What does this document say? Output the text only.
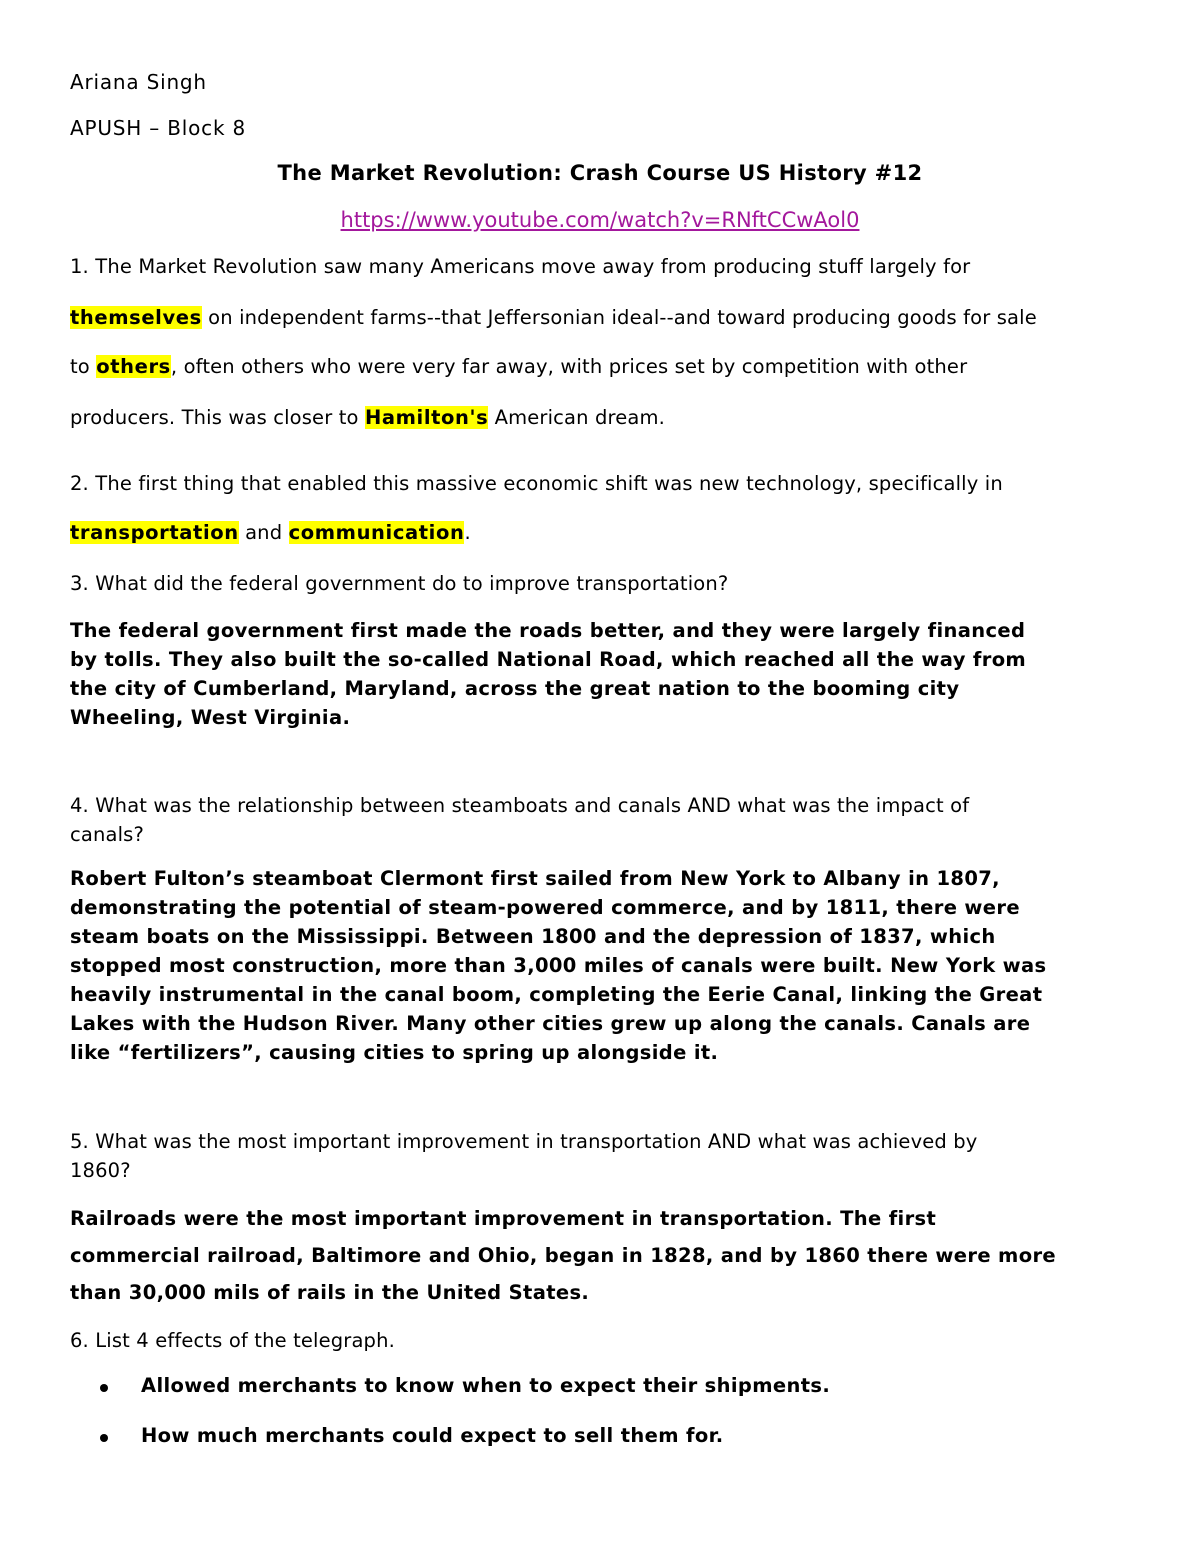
Ariana Singh
APUSH – Block 8
The Market Revolution: Crash Course US History #12
https://www.youtube.com/watch?v=RNftCCwAol0
1. The Market Revolution saw many Americans move away from producing stuff largely for
themselves on independent farms--that Jeffersonian ideal--and toward producing goods for sale
to others, often others who were very far away, with prices set by competition with other
producers. This was closer to Hamilton's American dream.
2. The first thing that enabled this massive economic shift was new technology, specifically in
transportation and communication.
3. What did the federal government do to improve transportation?
The federal government first made the roads better, and they were largely financed
by tolls. They also built the so-called National Road, which reached all the way from
the city of Cumberland, Maryland, across the great nation to the booming city
Wheeling, West Virginia.
4. What was the relationship between steamboats and canals AND what was the impact of
canals?
Robert Fulton’s steamboat Clermont first sailed from New York to Albany in 1807,
demonstrating the potential of steam-powered commerce, and by 1811, there were
steam boats on the Mississippi. Between 1800 and the depression of 1837, which
stopped most construction, more than 3,000 miles of canals were built. New York was
heavily instrumental in the canal boom, completing the Eerie Canal, linking the Great
Lakes with the Hudson River. Many other cities grew up along the canals. Canals are
like “fertilizers”, causing cities to spring up alongside it.
5. What was the most important improvement in transportation AND what was achieved by
1860?
Railroads were the most important improvement in transportation. The first
commercial railroad, Baltimore and Ohio, began in 1828, and by 1860 there were more
than 30,000 mils of rails in the United States.
6. List 4 effects of the telegraph.
Allowed merchants to know when to expect their shipments.
How much merchants could expect to sell them for.
